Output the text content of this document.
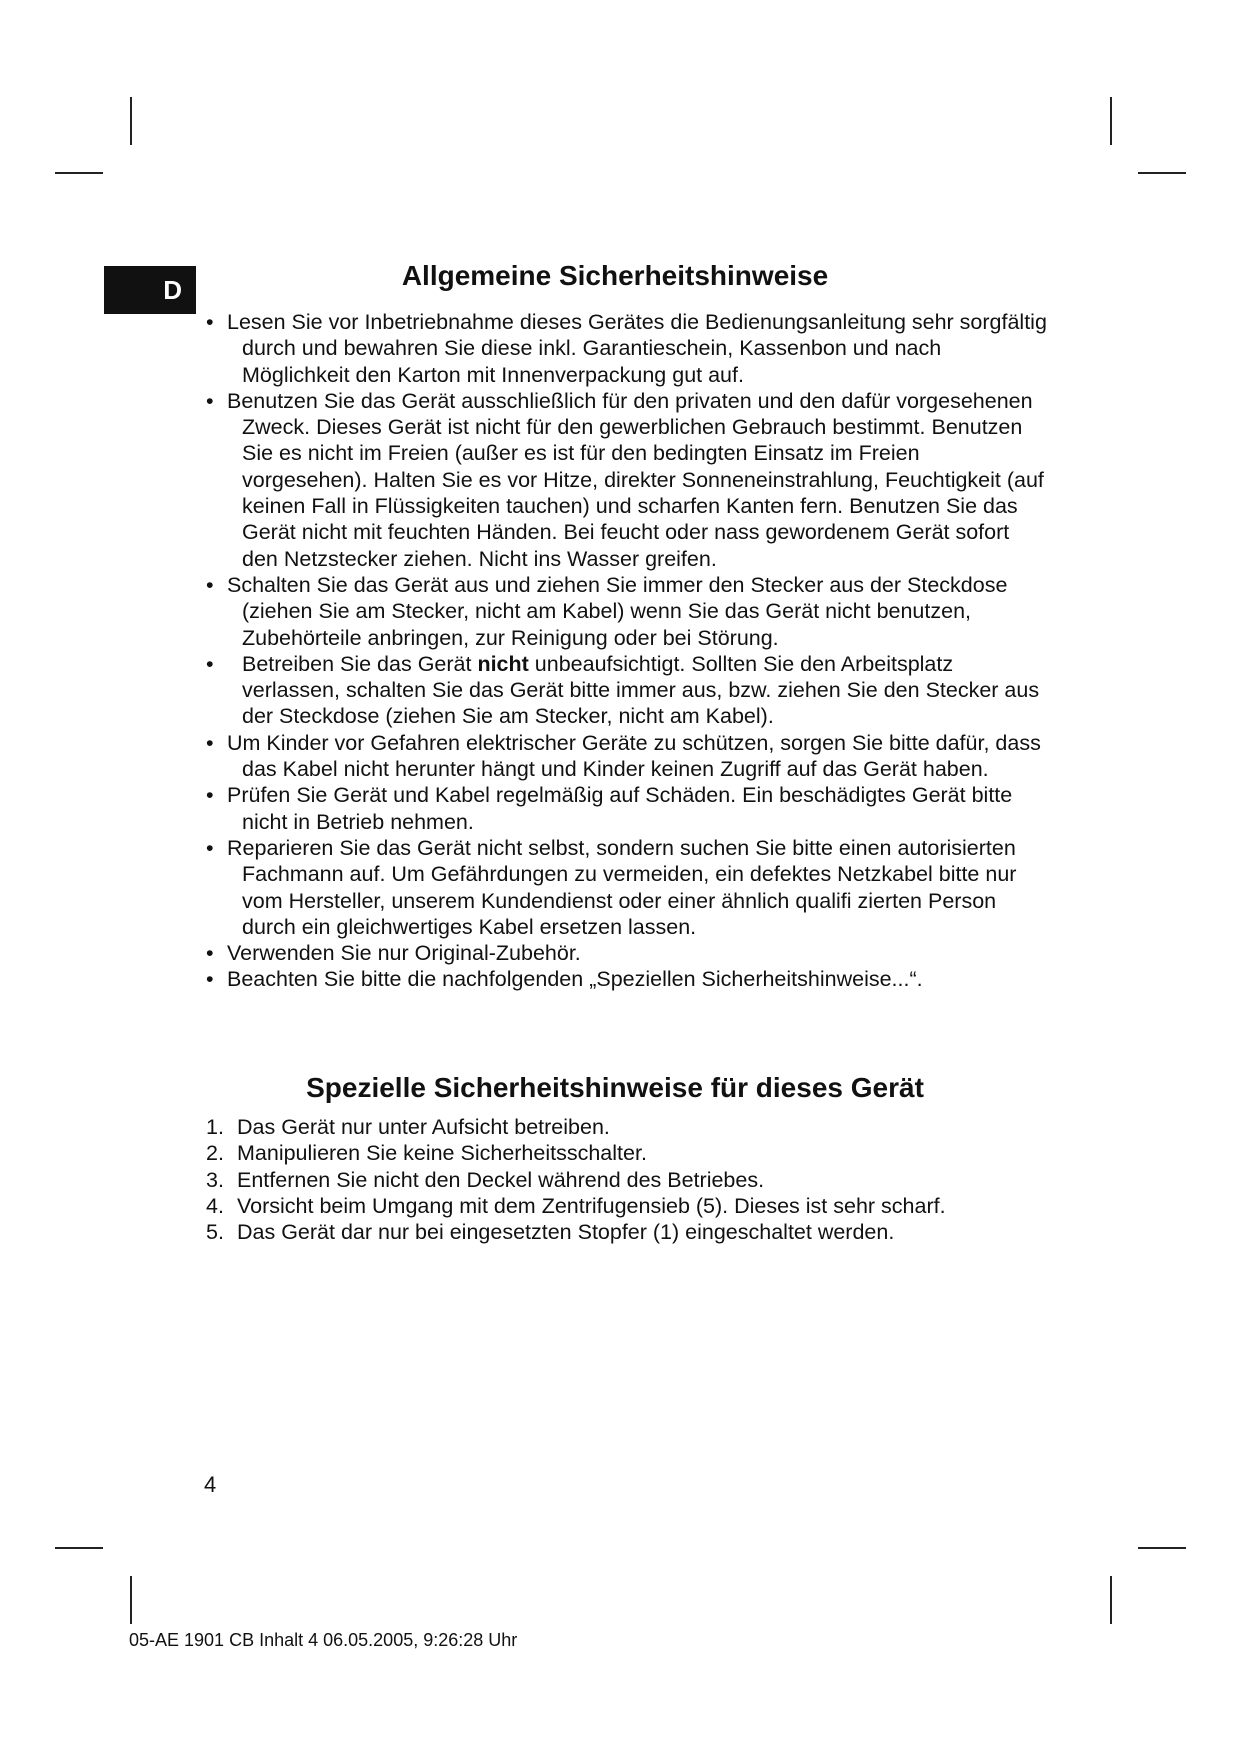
D	Allgemeine Sicherheitshinweise
• Lesen Sie vor Inbetriebnahme dieses Gerätes die Bedienungsanleitung sehr sorgfältig durch und bewahren Sie diese inkl. Garantieschein, Kassenbon und nach Möglichkeit den Karton mit Innenverpackung gut auf.
• Benutzen Sie das Gerät ausschließlich für den privaten und den dafür vorgesehenen Zweck. Dieses Gerät ist nicht für den gewerblichen Gebrauch bestimmt. Benutzen Sie es nicht im Freien (außer es ist für den bedingten Einsatz im Freien vorgesehen). Halten Sie es vor Hitze, direkter Sonneneinstrahlung, Feuchtigkeit (auf keinen Fall in Flüssigkeiten tauchen) und scharfen Kanten fern. Benutzen Sie das Gerät nicht mit feuchten Händen. Bei feucht oder nass gewordenem Gerät sofort den Netzstecker ziehen. Nicht ins Wasser greifen.
• Schalten Sie das Gerät aus und ziehen Sie immer den Stecker aus der Steckdose (ziehen Sie am Stecker, nicht am Kabel) wenn Sie das Gerät nicht benutzen, Zubehörteile anbringen, zur Reinigung oder bei Störung.
• Betreiben Sie das Gerät nicht unbeaufsichtigt. Sollten Sie den Arbeitsplatz verlassen, schalten Sie das Gerät bitte immer aus, bzw. ziehen Sie den Stecker aus der Steckdose (ziehen Sie am Stecker, nicht am Kabel).
• Um Kinder vor Gefahren elektrischer Geräte zu schützen, sorgen Sie bitte dafür, dass das Kabel nicht herunter hängt und Kinder keinen Zugriff auf das Gerät haben.
• Prüfen Sie Gerät und Kabel regelmäßig auf Schäden. Ein beschädigtes Gerät bitte nicht in Betrieb nehmen.
• Reparieren Sie das Gerät nicht selbst, sondern suchen Sie bitte einen autorisierten Fachmann auf. Um Gefährdungen zu vermeiden, ein defektes Netzkabel bitte nur vom Hersteller, unserem Kundendienst oder einer ähnlich qualifi zierten Person durch ein gleichwertiges Kabel ersetzen lassen.
• Verwenden Sie nur Original-Zubehör.
• Beachten Sie bitte die nachfolgenden „Speziellen Sicherheitshinweise...“.
Spezielle Sicherheitshinweise für dieses Gerät
1. Das Gerät nur unter Aufsicht betreiben.
2. Manipulieren Sie keine Sicherheitsschalter.
3. Entfernen Sie nicht den Deckel während des Betriebes.
4. Vorsicht beim Umgang mit dem Zentrifugensieb (5). Dieses ist sehr scharf.
5. Das Gerät dar nur bei eingesetzten Stopfer (1) eingeschaltet werden.
4
05-AE 1901 CB Inhalt 4 06.05.2005, 9:26:28 Uhr
